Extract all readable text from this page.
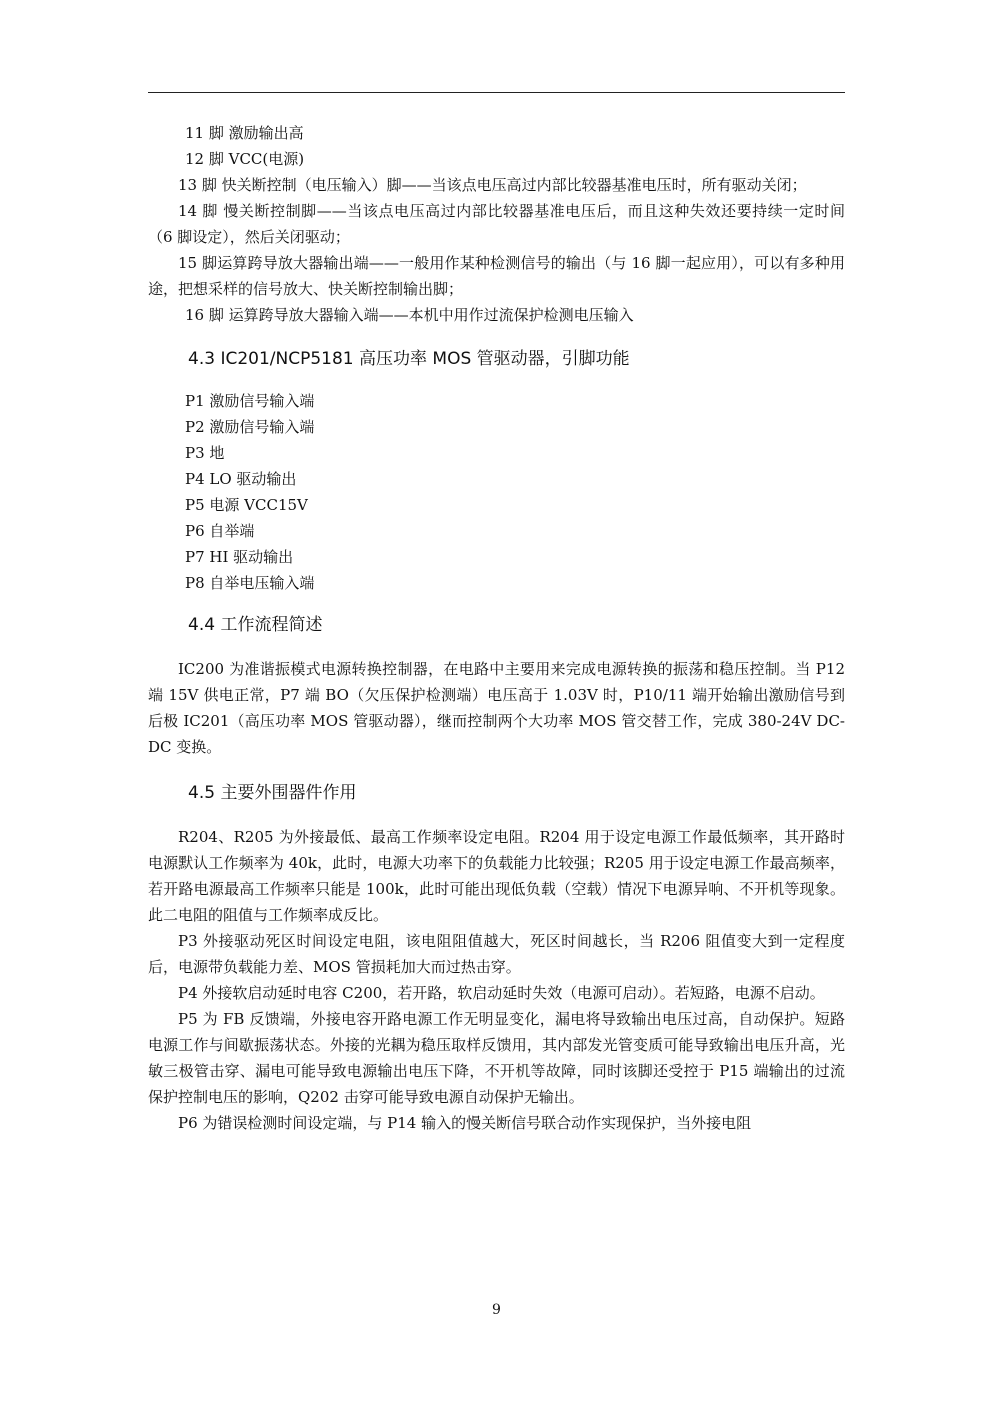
11 脚 激励输出高
12 脚 VCC(电源)

13 脚 快关断控制（电压输入）脚——当该点电压高过内部比较器基准电压时，所有驱动关闭；

14 脚 慢关断控制脚——当该点电压高过内部比较器基准电压后，而且这种失效还要持续一定时间（6 脚设定），然后关闭驱动；

15 脚运算跨导放大器输出端——一般用作某种检测信号的输出（与 16 脚一起应用），可以有多种用途，把想采样的信号放大、快关断控制输出脚；

16 脚 运算跨导放大器输入端——本机中用作过流保护检测电压输入
4.3 IC201/NCP5181 高压功率 MOS 管驱动器，引脚功能
P1 激励信号输入端
P2 激励信号输入端
P3 地
P4 LO 驱动输出
P5 电源 VCC15V
P6 自举端
P7 HI 驱动输出
P8 自举电压输入端
4.4 工作流程简述

IC200 为准谐振模式电源转换控制器，在电路中主要用来完成电源转换的振荡和稳压控制。当 P12 端 15V 供电正常，P7 端 BO（欠压保护检测端）电压高于 1.03V 时，P10/11 端开始输出激励信号到后极 IC201（高压功率 MOS 管驱动器），继而控制两个大功率 MOS 管交替工作，完成 380-24V DC-DC 变换。

4.5 主要外围器件作用

R204、R205 为外接最低、最高工作频率设定电阻。R204 用于设定电源工作最低频率，其开路时电源默认工作频率为 40k，此时，电源大功率下的负载能力比较强；R205 用于设定电源工作最高频率，若开路电源最高工作频率只能是 100k，此时可能出现低负载（空载）情况下电源异响、不开机等现象。此二电阻的阻值与工作频率成反比。

P3 外接驱动死区时间设定电阻，该电阻阻值越大，死区时间越长，当 R206 阻值变大到一定程度后，电源带负载能力差、MOS 管损耗加大而过热击穿。

P4 外接软启动延时电容 C200，若开路，软启动延时失效（电源可启动）。若短路，电源不启动。

P5 为 FB 反馈端，外接电容开路电源工作无明显变化，漏电将导致输出电压过高，自动保护。短路电源工作与间歇振荡状态。外接的光耦为稳压取样反馈用，其内部发光管变质可能导致输出电压升高，光敏三极管击穿、漏电可能导致电源输出电压下降，不开机等故障，同时该脚还受控于 P15 端输出的过流保护控制电压的影响，Q202 击穿可能导致电源自动保护无输出。

P6 为错误检测时间设定端，与 P14 输入的慢关断信号联合动作实现保护，当外接电阻

9
